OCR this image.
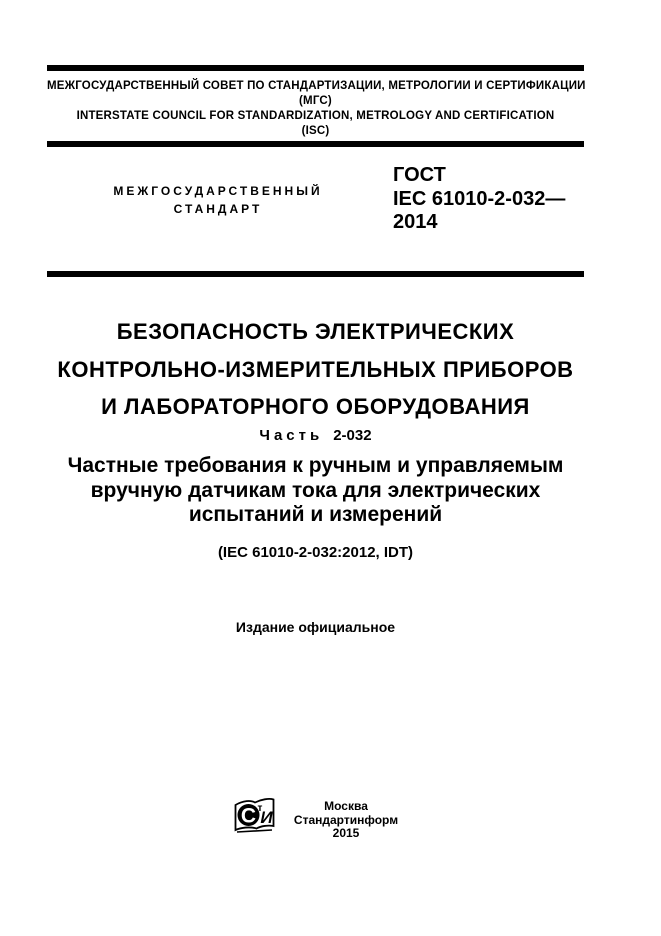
МЕЖГОСУДАРСТВЕННЫЙ СОВЕТ ПО СТАНДАРТИЗАЦИИ, МЕТРОЛОГИИ И СЕРТИФИКАЦИИ
(МГС)
INTERSTATE COUNCIL FOR STANDARDIZATION, METROLOGY AND CERTIFICATION
(ISC)
МЕЖГОСУДАРСТВЕННЫЙ
СТАНДАРТ
ГОСТ
IEC 61010-2-032—
2014
БЕЗОПАСНОСТЬ ЭЛЕКТРИЧЕСКИХ
КОНТРОЛЬНО-ИЗМЕРИТЕЛЬНЫХ ПРИБОРОВ
И ЛАБОРАТОРНОГО ОБОРУДОВАНИЯ
Часть 2-032
Частные требования к ручным и управляемым
вручную датчикам тока для электрических
испытаний и измерений
(IEC 61010-2-032:2012, IDT)
Издание официальное
С т
И
Москва
Стандартинформ
2015
